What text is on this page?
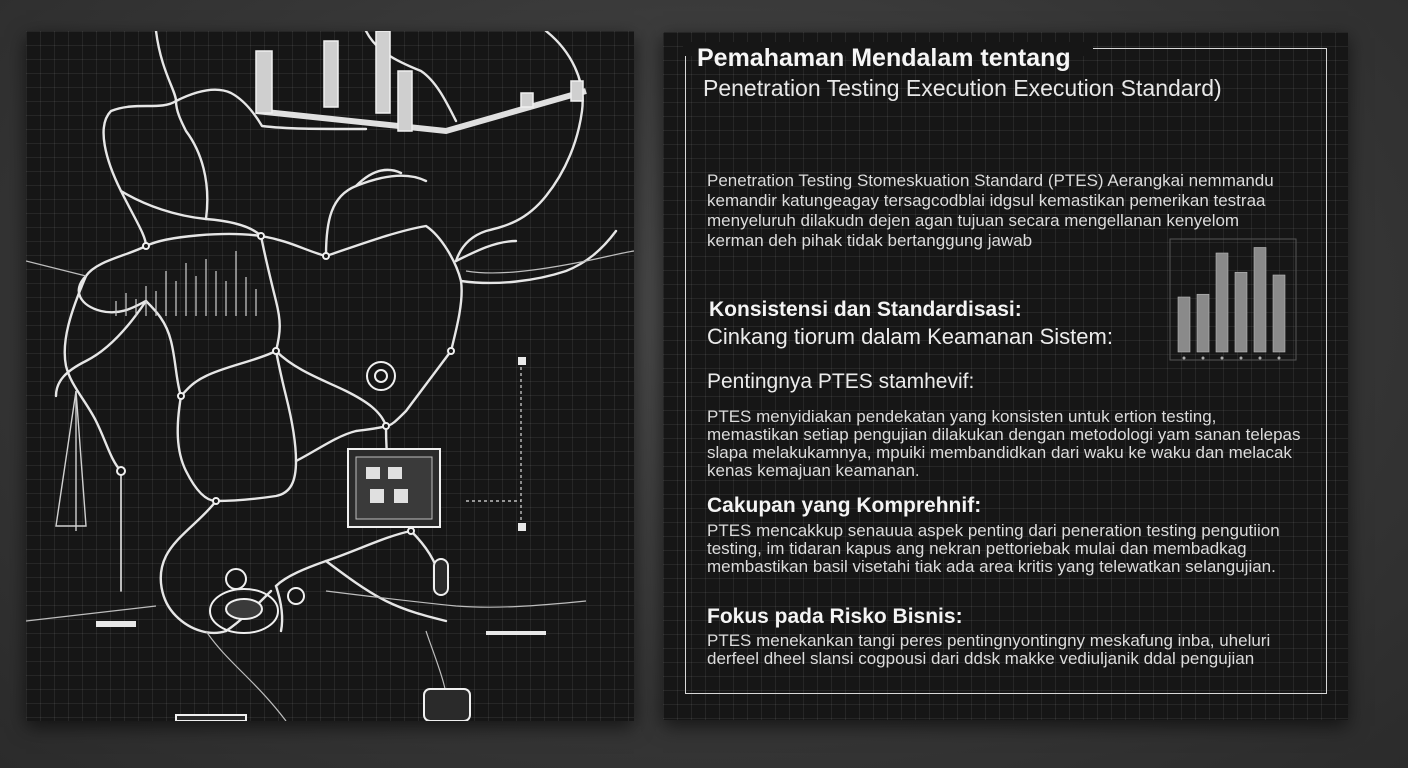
Pemahaman Mendalam tentang
Penetration Testing Execution Execution Standard)
Penetration Testing Stomeskuation Standard (PTES) Aerangkai nemmandu kemandir katungeagay tersagcodblai idgsul kemastikan pemerikan testraa menyeluruh dilakudn dejen agan tujuan secara mengellanan kenyelom kerman deh pihak tidak bertanggung jawab
Konsistensi dan Standardisasi:
Cinkang tiorum dalam Keamanan Sistem:
Pentingnya PTES stamhevif:
PTES menyidiakan pendekatan yang konsisten untuk ertion testing, memastikan setiap pengujian dilakukan dengan metodologi yam sanan telepas slapa melakukamnya, mpuiki membandidkan dari waku ke waku dan melacak kenas kemajuan keamanan.
Cakupan yang Komprehnif:
PTES mencakkup senauua aspek penting dari peneration testing pengutiion testing, im tidaran kapus ang nekran pettoriebak mulai dan membadkag membastikan basil visetahi tiak ada area kritis yang telewatkan selangujian.
Fokus pada Risko Bisnis:
PTES menekankan tangi peres pentingnyontingny meskafung inba, uheluri derfeel dheel slansi cogpousi dari ddsk makke vediuljanik ddal pengujian
